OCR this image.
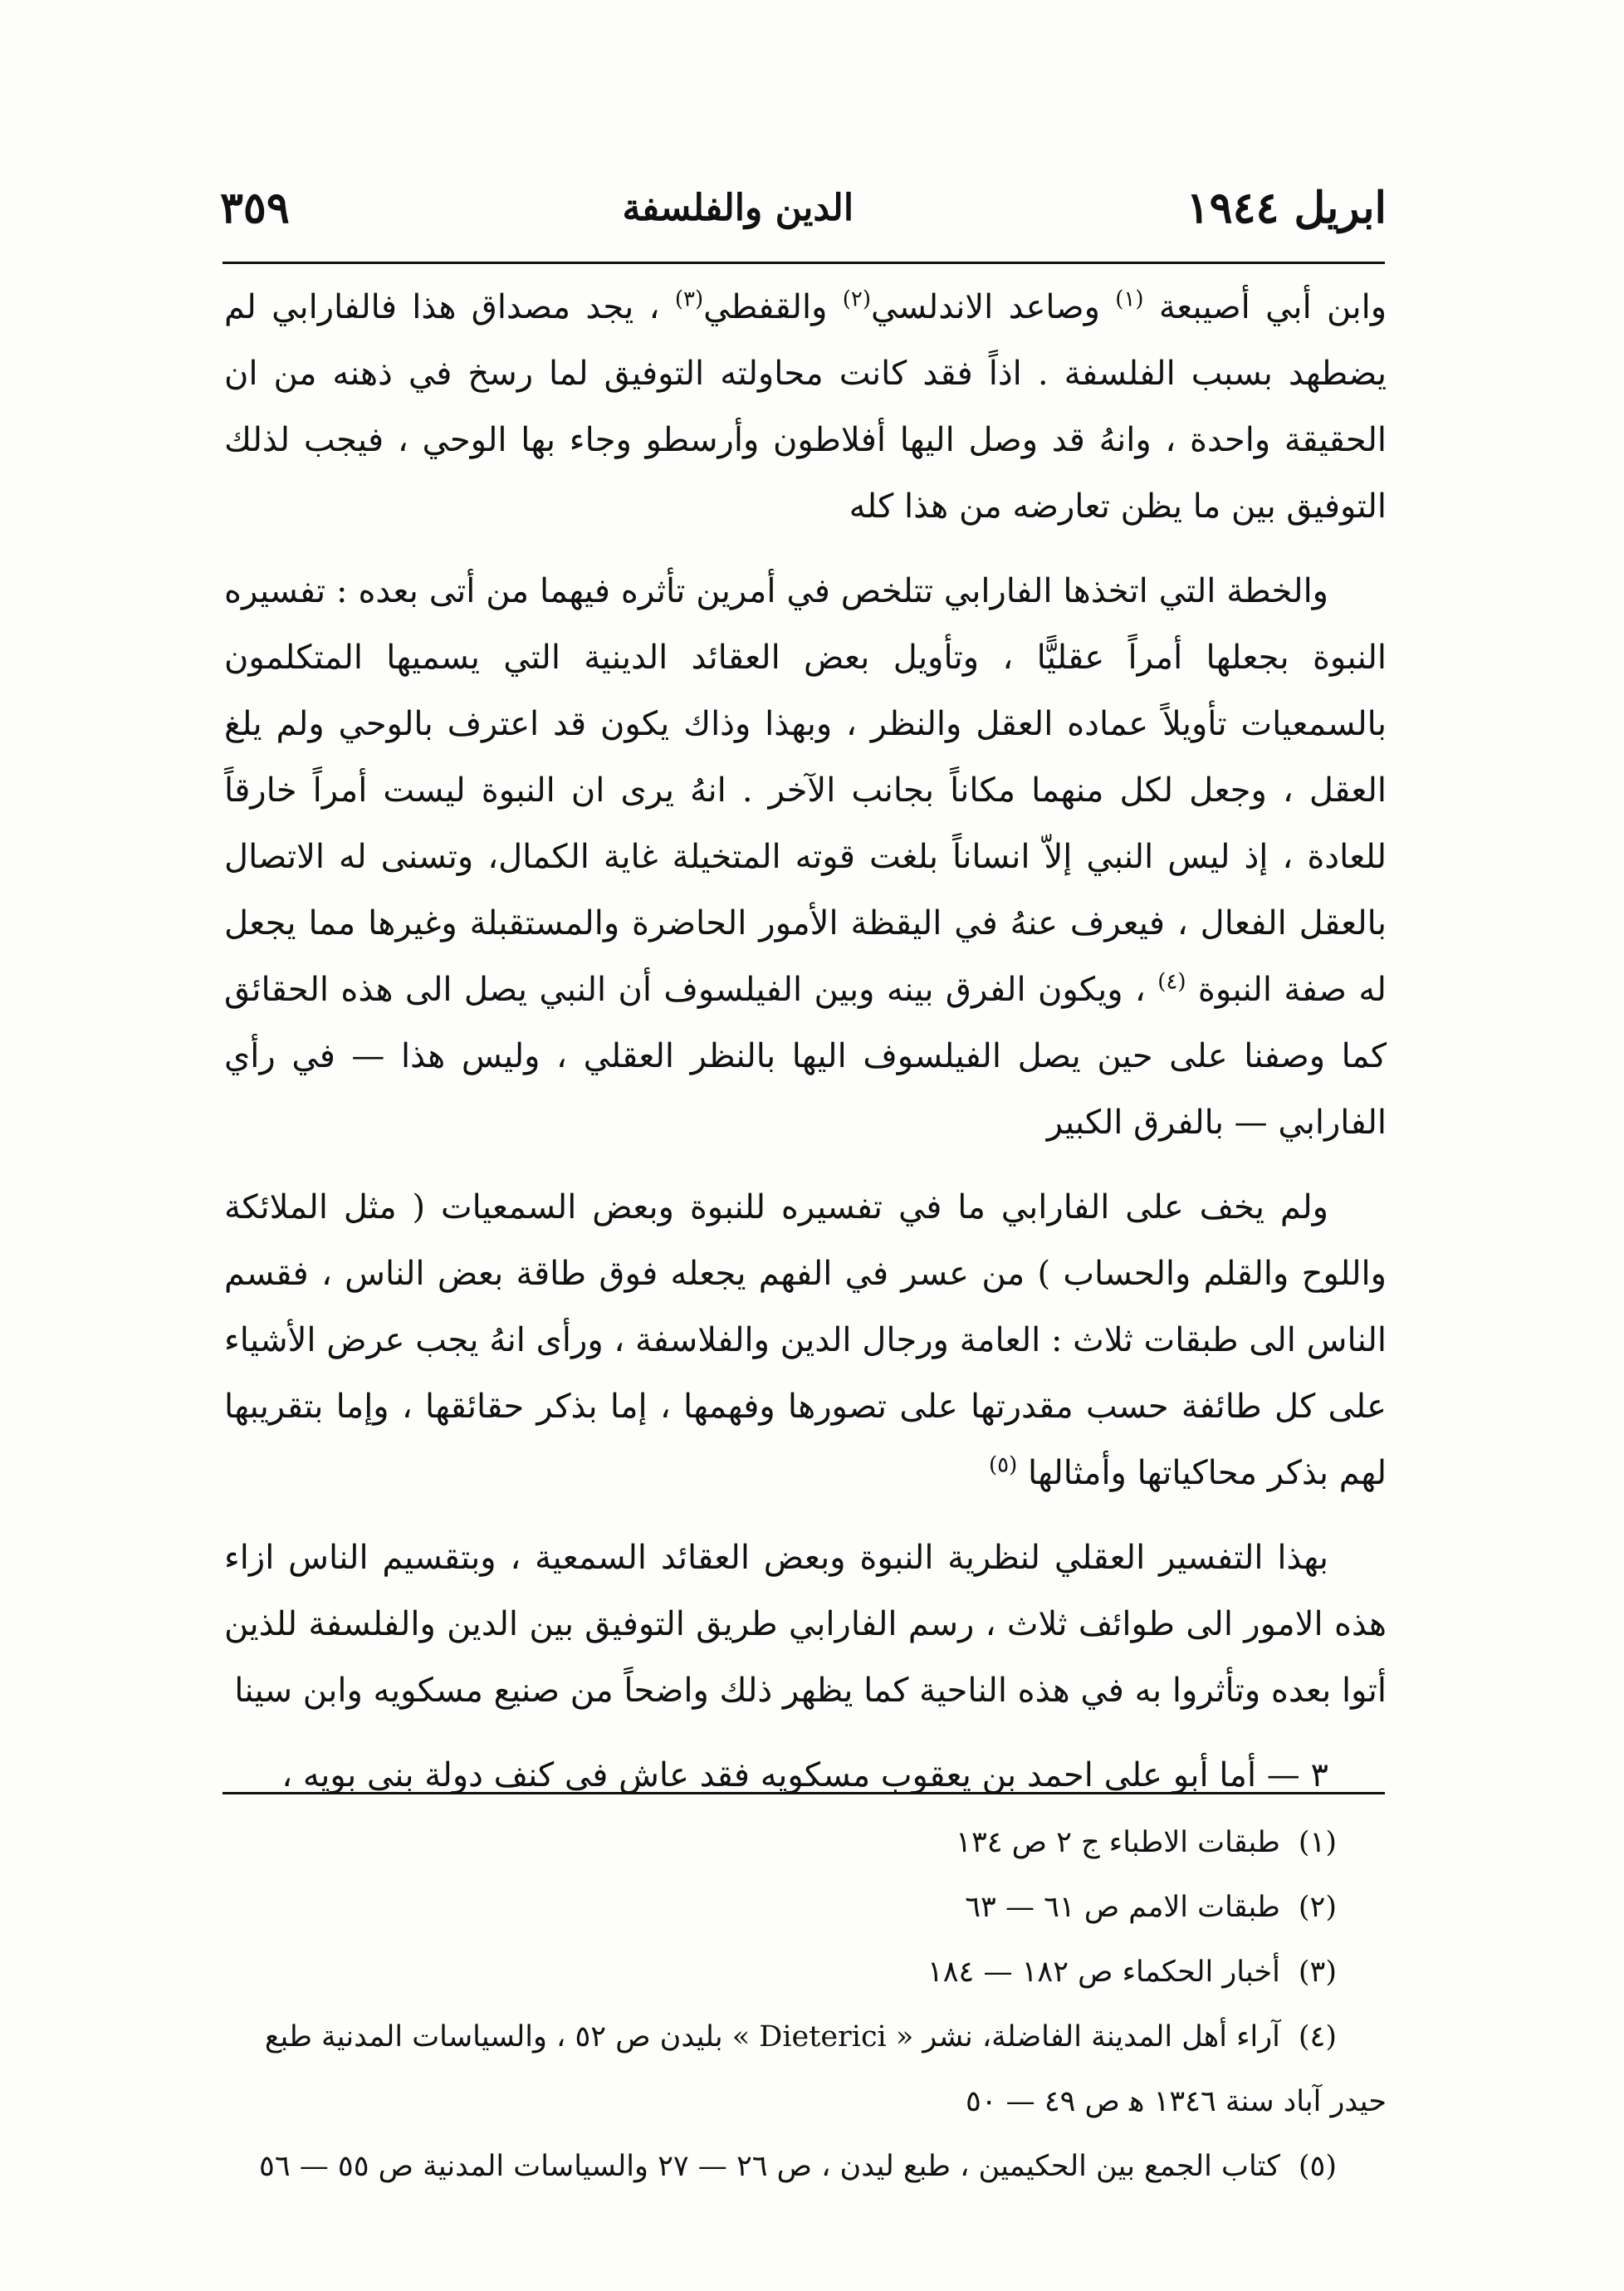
ابريل ١٩٤٤
الدين والفلسفة
٣٥٩

وابن أبي أصيبعة $^{(١)}$ وصاعد الاندلسي$^{(٢)}$ والقفطي$^{(٣)}$ ، يجد مصداق هذا فالفارابي لم يضطهد بسبب الفلسفة . اذاً فقد كانت محاولته التوفيق لما رسخ في ذهنه من ان الحقيقة واحدة ، وانهُ قد وصل اليها أفلاطون وأرسطو وجاء بها الوحي ، فيجب لذلك التوفيق بين ما يظن تعارضه من هذا كله

والخطة التي اتخذها الفارابي تتلخص في أمرين تأثره فيهما من أتى بعده : تفسيره النبوة بجعلها أمراً عقليًّا ، وتأويل بعض العقائد الدينية التي يسميها المتكلمون بالسمعيات تأويلاً عماده العقل والنظر ، وبهذا وذاك يكون قد اعترف بالوحي ولم يلغ العقل ، وجعل لكل منهما مكاناً بجانب الآخر . انهُ يرى ان النبوة ليست أمراً خارقاً للعادة ، إذ ليس النبي إلاّ انساناً بلغت قوته المتخيلة غاية الكمال، وتسنى له الاتصال بالعقل الفعال ، فيعرف عنهُ في اليقظة الأمور الحاضرة والمستقبلة وغيرها مما يجعل له صفة النبوة $^{(٤)}$ ، ويكون الفرق بينه وبين الفيلسوف أن النبي يصل الى هذه الحقائق كما وصفنا على حين يصل الفيلسوف اليها بالنظر العقلي ، وليس هذا — في رأي الفارابي — بالفرق الكبير

ولم يخف على الفارابي ما في تفسيره للنبوة وبعض السمعيات ( مثل الملائكة واللوح والقلم والحساب ) من عسر في الفهم يجعله فوق طاقة بعض الناس ، فقسم الناس الى طبقات ثلاث : العامة ورجال الدين والفلاسفة ، ورأى انهُ يجب عرض الأشياء على كل طائفة حسب مقدرتها على تصورها وفهمها ، إما بذكر حقائقها ، وإما بتقريبها لهم بذكر محاكياتها وأمثالها $^{(٥)}$

بهذا التفسير العقلي لنظرية النبوة وبعض العقائد السمعية ، وبتقسيم الناس ازاء هذه الامور الى طوائف ثلاث ، رسم الفارابي طريق التوفيق بين الدين والفلسفة للذين أتوا بعده وتأثروا به في هذه الناحية كما يظهر ذلك واضحاً من صنيع مسكويه وابن سينا

٣ — أما أبو علي احمد بن يعقوب مسكويه فقد عاش في كنف دولة بني بويه ،

(١)طبقات الاطباء ج ٢ ص ١٣٤

(٢)طبقات الامم ص ٦١ — ٦٣

(٣)أخبار الحكماء ص ١٨٢ — ١٨٤

(٤)آراء أهل المدينة الفاضلة، نشر « Dieterici » بليدن ص ٥٢ ، والسياسات المدنية طبع
حيدر آباد سنة ١٣٤٦ ﻫ ص ٤٩ — ٥٠

(٥)كتاب الجمع بين الحكيمين ، طبع ليدن ، ص ٢٦ — ٢٧ والسياسات المدنية ص ٥٥ — ٥٦
